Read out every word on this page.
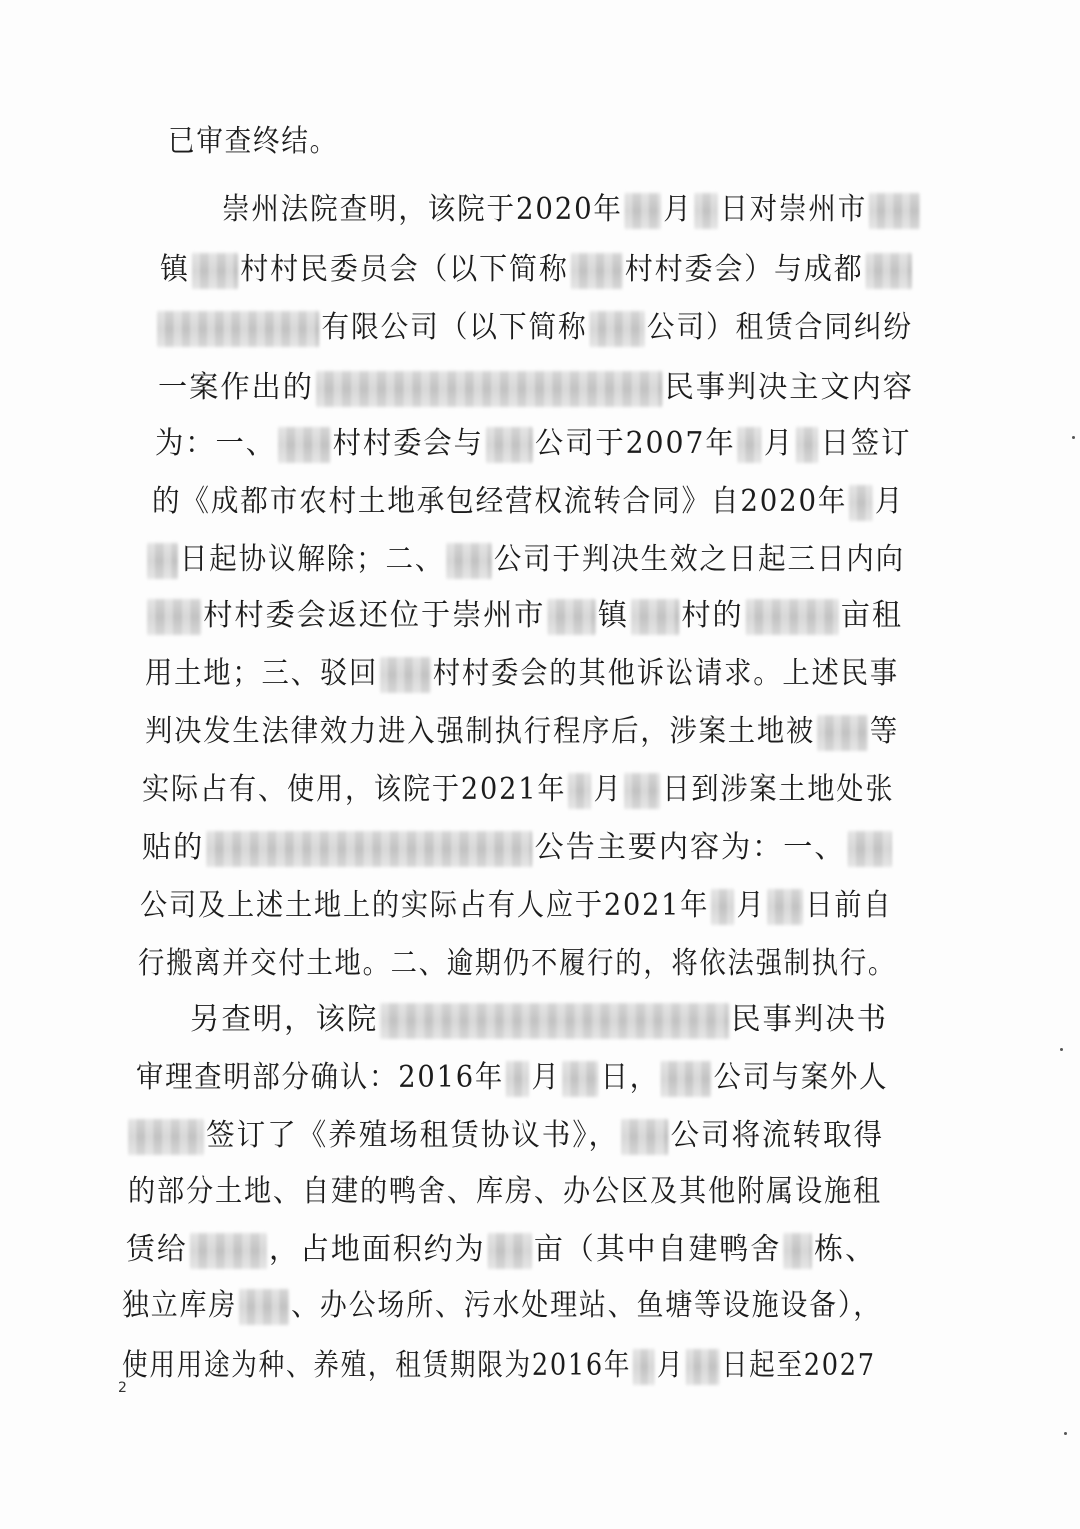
已审查终结。
崇州法院查明，该院于2020年 月 日对崇州市
镇 村村民委员会（以下简称 村村委会）与成都
有限公司（以下简称 公司）租赁合同纠纷
一案作出的	民事判决主文内容
为：一、 村村委会与 公司于2007年 月 日签订
的《成都市农村土地承包经营权流转合同》自2020年 月
日起协议解除；二、 公司于判决生效之日起三日内向
村村委会返还位于崇州市 镇 村的	亩租
用土地；三、驳回 村村委会的其他诉讼请求。上述民事
判决发生法律效力进入强制执行程序后，涉案土地被 等
实际占有、使用，该院于2021年 月 日到涉案土地处张
贴的	公告主要内容为：一、
公司及上述土地上的实际占有人应于2021年 月 日前自
行搬离并交付土地。二、逾期仍不履行的，将依法强制执行。
另查明，该院	民事判决书
审理查明部分确认：2016年 月 日， 公司与案外人
签订了《养殖场租赁协议书》， 公司将流转取得
的部分土地、自建的鸭舍、库房、办公区及其他附属设施租
赁给	，占地面积约为 亩（其中自建鸭舍 栋、
独立库房 、办公场所、污水处理站、鱼塘等设施设备），
使用用途为种、养殖，租赁期限为2016年 月 日起至2027
2
